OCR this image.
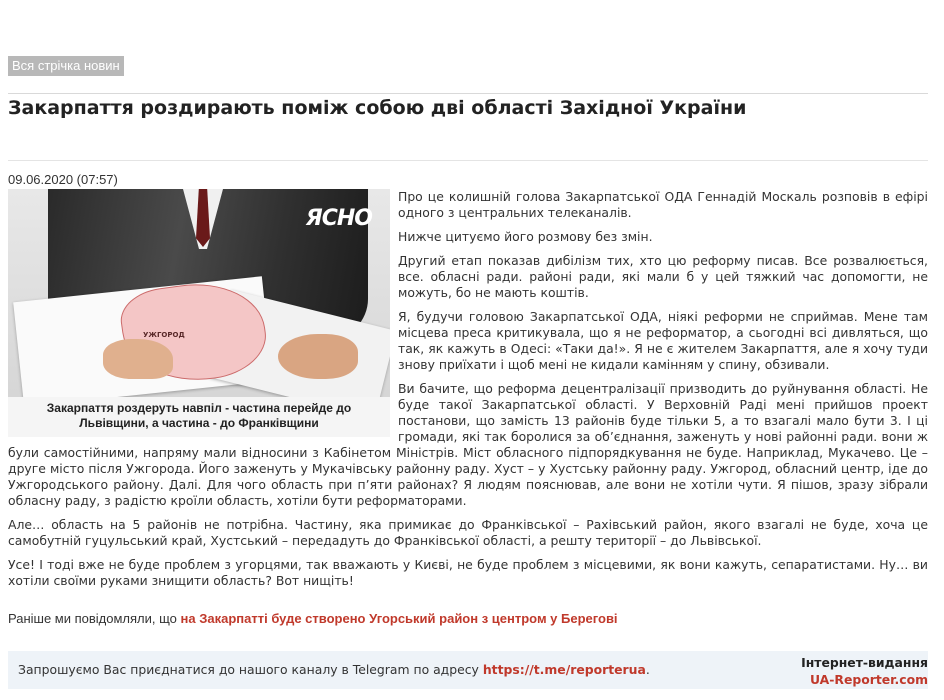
Вся стрічка новин
Закарпаття роздирають поміж собою дві області Західної України
09.06.2020 (07:57)
УЖГОРОД
ЯСНО
Закарпаття роздеруть навпіл - частина перейде до Львівщини, а частина - до Франківщини

Про це колишній голова Закарпатської ОДА Геннадій Москаль розповів в ефірі одного з центральних телеканалів.

Нижче цитуємо його розмову без змін.

Другий етап показав дибілізм тих, хто цю реформу писав. Все розвалюється, все. обласні ради. районі ради, які мали б у цей тяжкий час допомогти, не можуть, бо не мають коштів.

Я, будучи головою Закарпатської ОДА, ніякі реформи не сприймав. Мене там місцева преса критикувала, що я не реформатор, а сьогодні всі дивляться, що так, як кажуть в Одесі: «Таки да!». Я не є жителем Закарпаття, але я хочу туди знову приїхати і щоб мені не кидали камінням у спину, обзивали.

Ви бачите, що реформа децентралізації призводить до руйнування області. Не буде такої Закарпатської області. У Верховній Раді мені прийшов проект постанови, що замість 13 районів буде тільки 5, а то взагалі мало бути 3. І ці громади, які так боролися за об’єднання, заженуть у нові районні ради. вони ж були самостійними, напряму мали відносини з Кабінетом Міністрів. Міст обласного підпорядкування не буде. Наприклад, Мукачево. Це – друге місто після Ужгорода. Його заженуть у Мукачівську районну раду. Хуст – у Хустську районну раду. Ужгород, обласний центр, іде до Ужгородського району. Далі. Для чого область при п’яти районах? Я людям пояснював, але вони не хотіли чути. Я пішов, зразу зібрали обласну раду, з радістю кроїли область, хотіли бути реформаторами.

Але… область на 5 районів не потрібна. Частину, яка примикає до Франківської – Рахівський район, якого взагалі не буде, хоча це самобутній гуцульський край, Хустський – передадуть до Франківської області, а решту території – до Львівської.

Усе! І тоді вже не буде проблем з угорцями, так вважають у Києві, не буде проблем з місцевими, як вони кажуть, сепаратистами. Ну… ви хотіли своїми руками знищити область? Вот нищіть!

Раніше ми повідомляли, що на Закарпатті буде створено Угорський район з центром у Берегові

Запрошуємо Вас приєднатися до нашого каналу в Telegram по адресу https://t.me/reporterua.	Інтернет-видання
UA-Reporter.com
